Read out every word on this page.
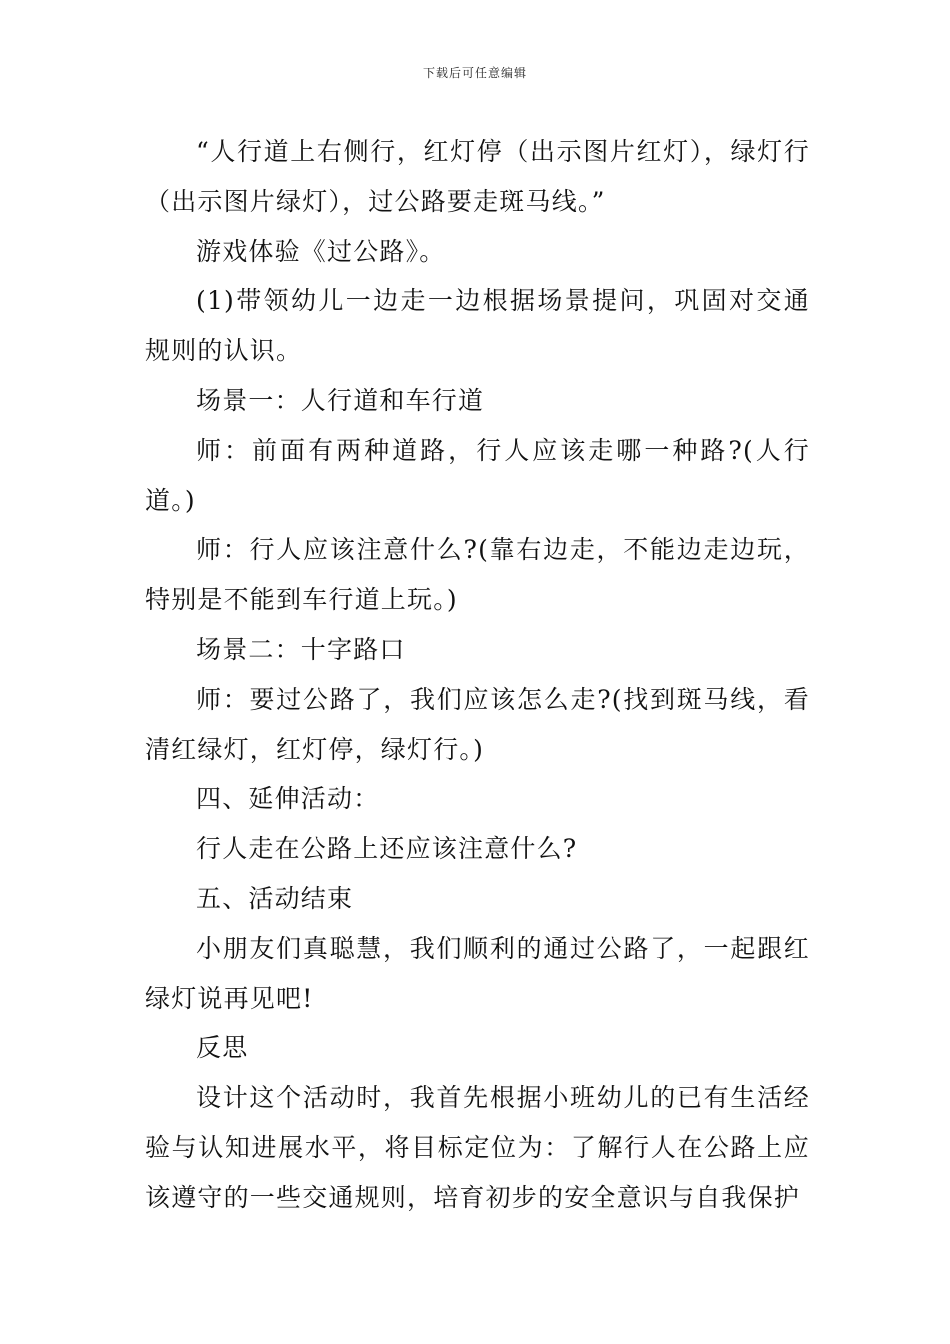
下载后可任意编辑

“人行道上右侧行，红灯停（出示图片红灯），绿灯行（出示图片绿灯），过公路要走斑马线。”

游戏体验《过公路》。

(1)带领幼儿一边走一边根据场景提问，巩固对交通规则的认识。

场景一：人行道和车行道

师：前面有两种道路，行人应该走哪一种路?(人行道。)

师：行人应该注意什么?(靠右边走，不能边走边玩，特别是不能到车行道上玩。)

场景二：十字路口

师：要过公路了，我们应该怎么走?(找到斑马线，看清红绿灯，红灯停，绿灯行。)

四、延伸活动：

行人走在公路上还应该注意什么?

五、活动结束

小朋友们真聪慧，我们顺利的通过公路了，一起跟红绿灯说再见吧!

反思

设计这个活动时，我首先根据小班幼儿的已有生活经验与认知进展水平，将目标定位为：了解行人在公路上应该遵守的一些交通规则，培育初步的安全意识与自我保护
